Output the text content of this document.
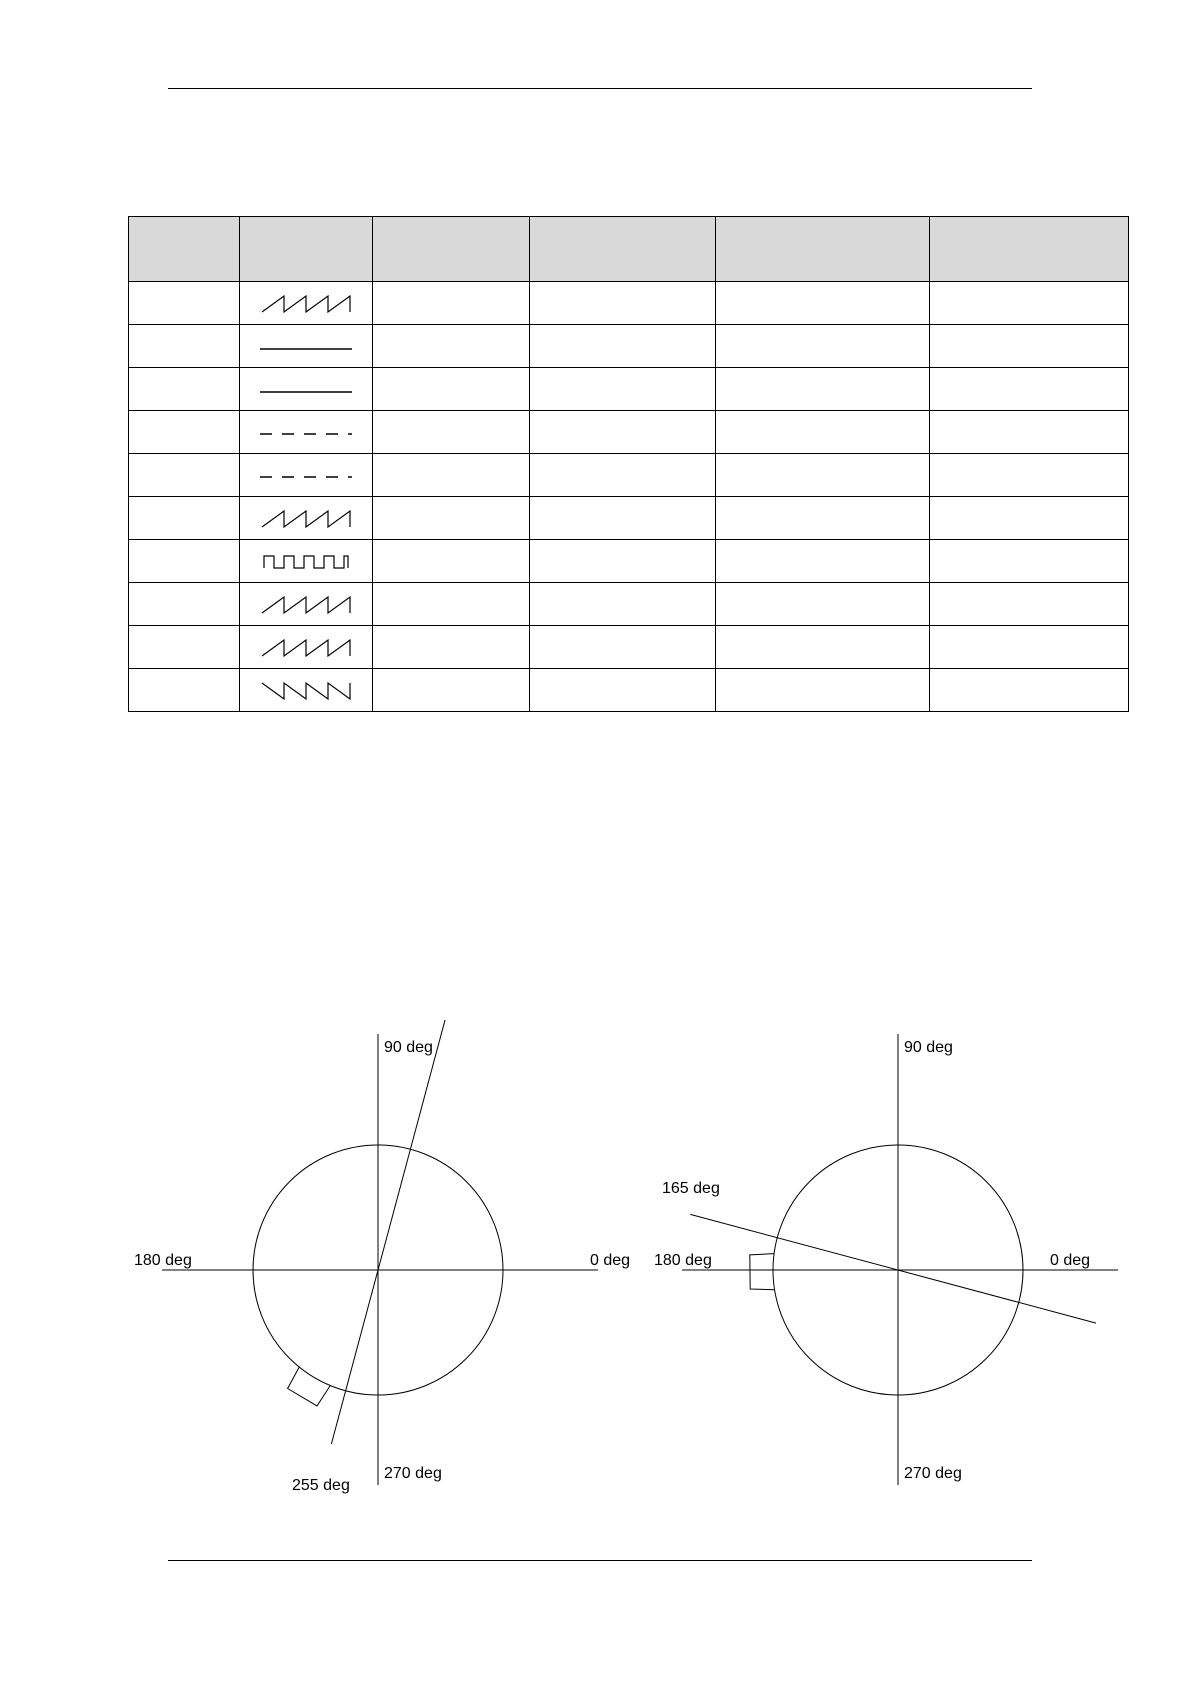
90 deg
180 deg	0 deg
270 deg
255 deg
90 deg
180 deg	0 deg
270 deg
165 deg
